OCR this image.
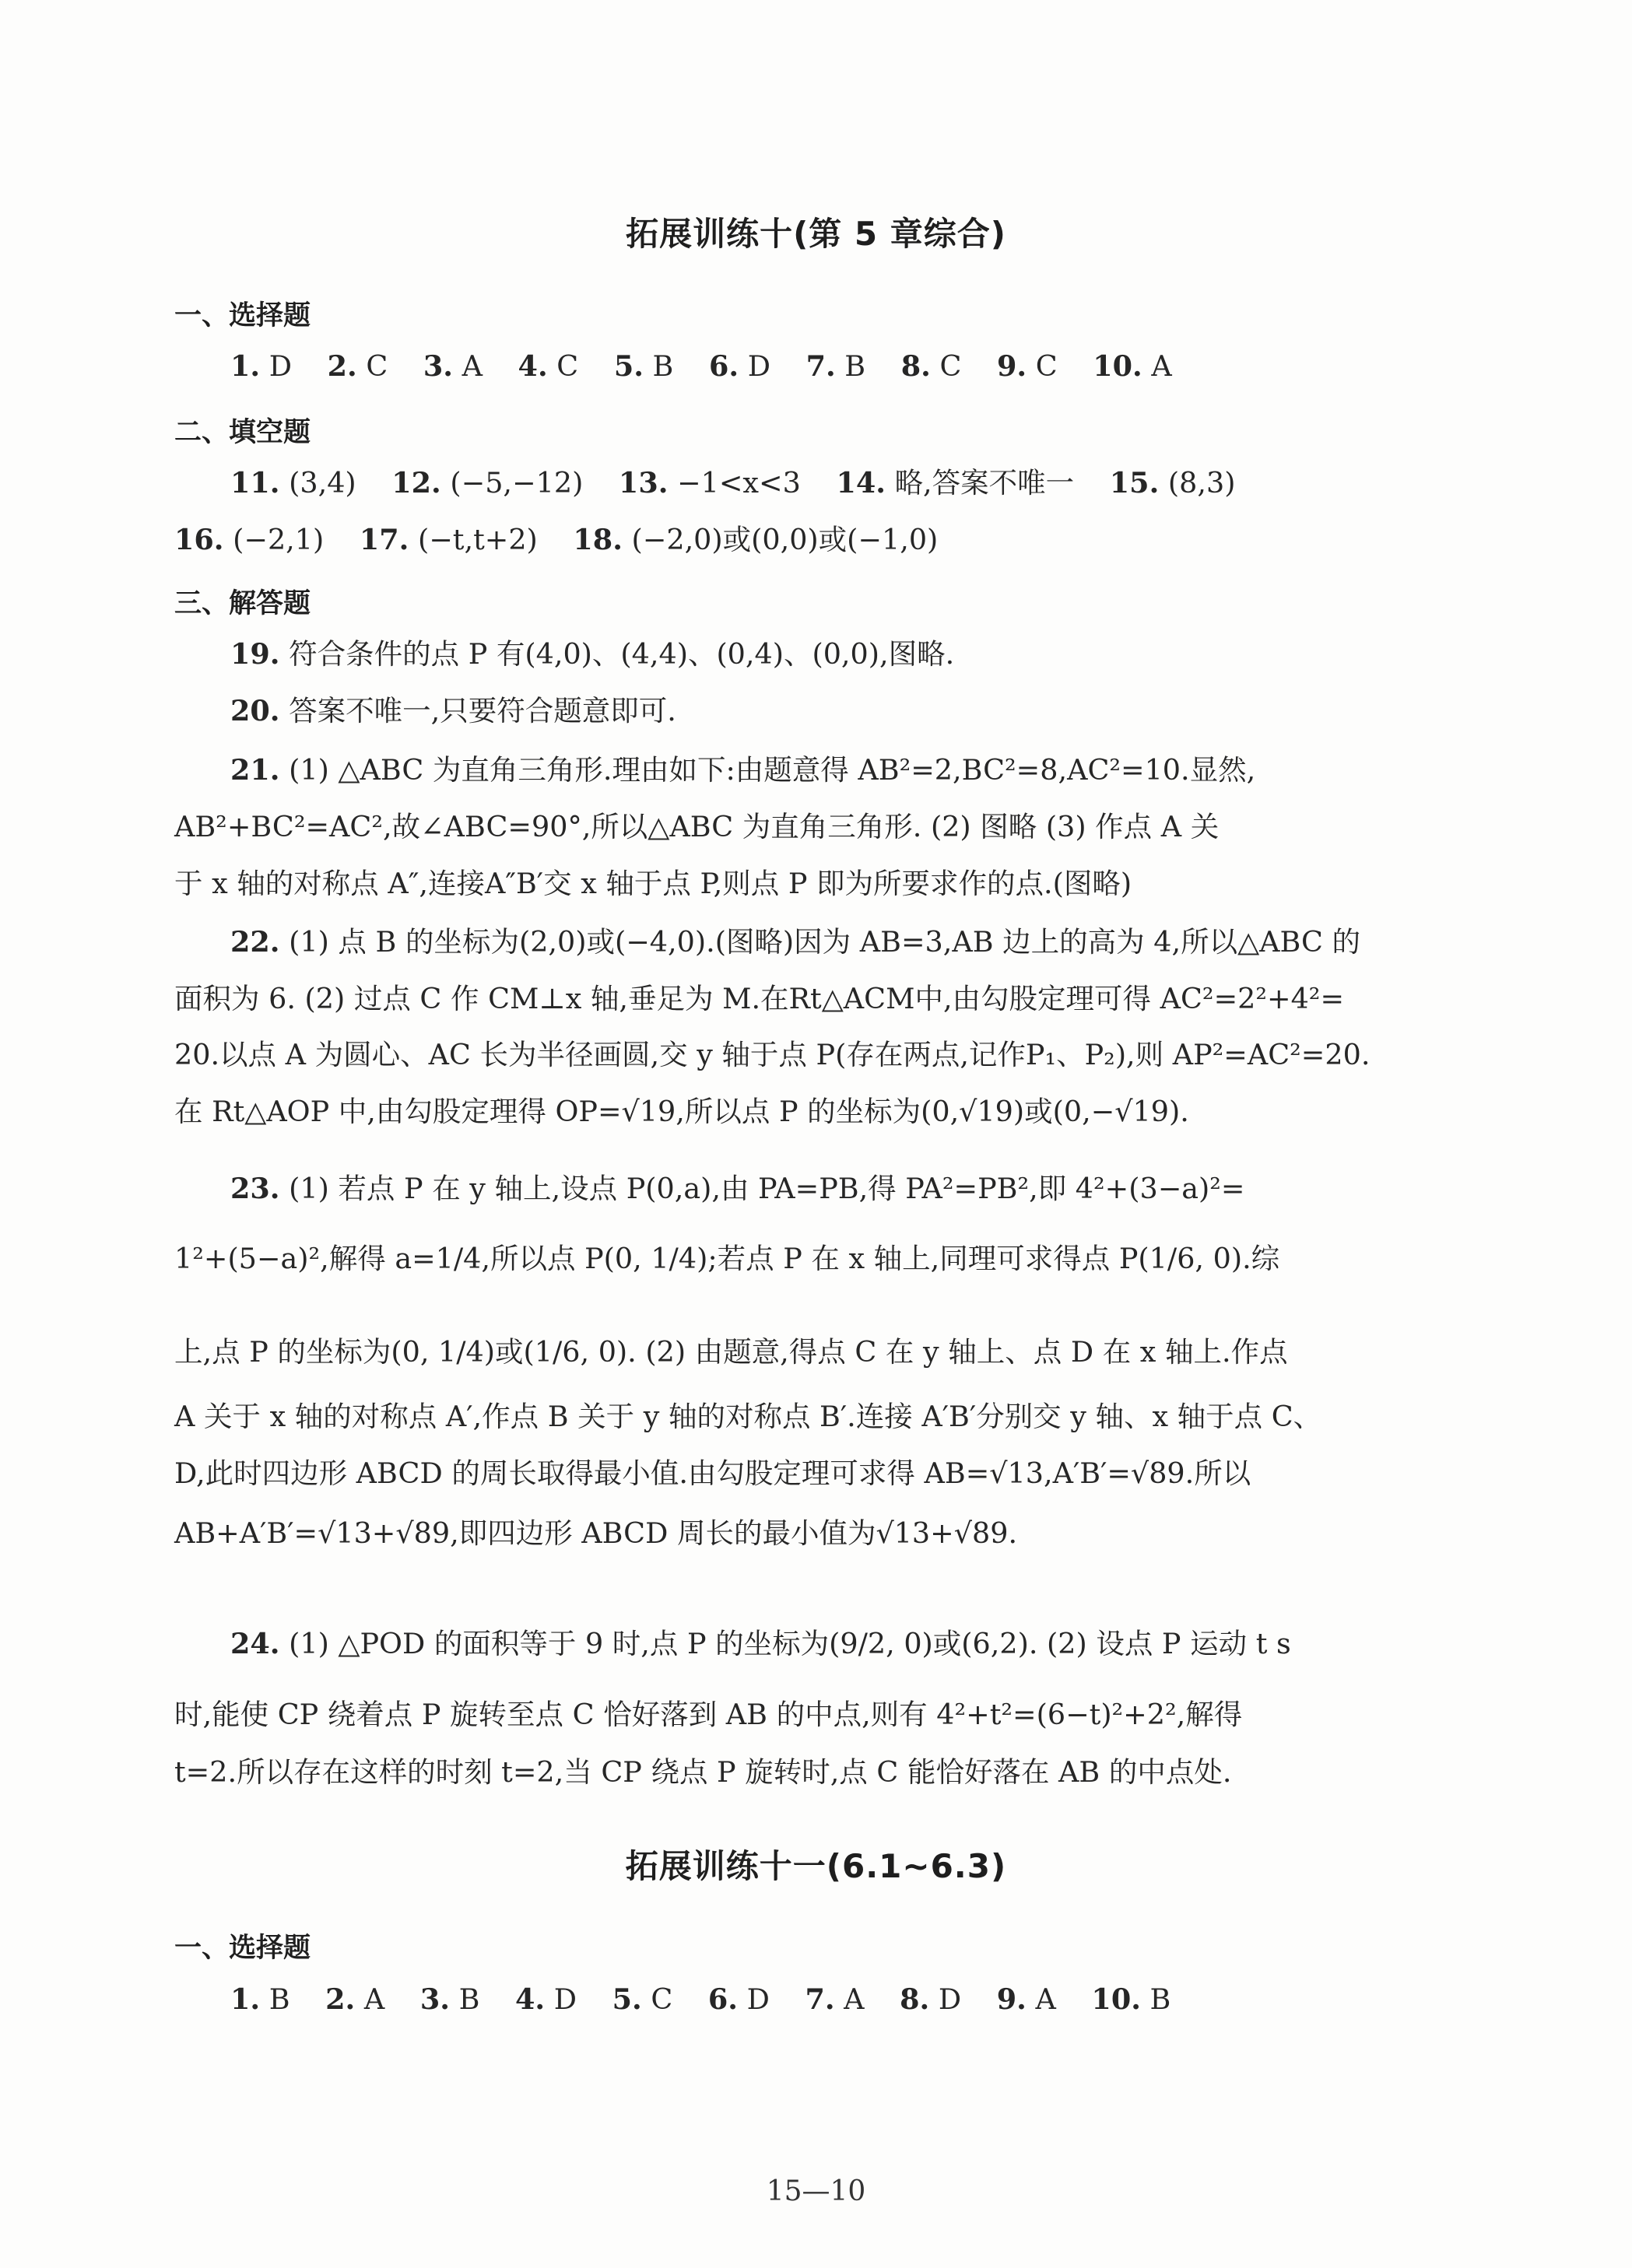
拓展训练十(第 5 章综合)
一、选择题
1. D 2. C 3. A 4. C 5. B 6. D 7. B 8. C 9. C 10. A
二、填空题
11. (3,4) 12. (−5,−12) 13. −1<x<3 14. 略,答案不唯一 15. (8,3)
16. (−2,1) 17. (−t,t+2) 18. (−2,0)或(0,0)或(−1,0)
三、解答题
19. 符合条件的点 P 有(4,0)、(4,4)、(0,4)、(0,0),图略.
20. 答案不唯一,只要符合题意即可.
21. (1) △ABC 为直角三角形.理由如下:由题意得 AB²=2,BC²=8,AC²=10.显然,
AB²+BC²=AC²,故∠ABC=90°,所以△ABC 为直角三角形. (2) 图略 (3) 作点 A 关
于 x 轴的对称点 A″,连接A″B′交 x 轴于点 P,则点 P 即为所要求作的点.(图略)
22. (1) 点 B 的坐标为(2,0)或(−4,0).(图略)因为 AB=3,AB 边上的高为 4,所以△ABC 的
面积为 6. (2) 过点 C 作 CM⊥x 轴,垂足为 M.在Rt△ACM中,由勾股定理可得 AC²=2²+4²=
20.以点 A 为圆心、AC 长为半径画圆,交 y 轴于点 P(存在两点,记作P₁、P₂),则 AP²=AC²=20.
在 Rt△AOP 中,由勾股定理得 OP=√19,所以点 P 的坐标为(0,√19)或(0,−√19).
23. (1) 若点 P 在 y 轴上,设点 P(0,a),由 PA=PB,得 PA²=PB²,即 4²+(3−a)²=
1²+(5−a)²,解得 a=1/4,所以点 P(0, 1/4);若点 P 在 x 轴上,同理可求得点 P(1/6, 0).综
上,点 P 的坐标为(0, 1/4)或(1/6, 0). (2) 由题意,得点 C 在 y 轴上、点 D 在 x 轴上.作点
A 关于 x 轴的对称点 A′,作点 B 关于 y 轴的对称点 B′.连接 A′B′分别交 y 轴、x 轴于点 C、
D,此时四边形 ABCD 的周长取得最小值.由勾股定理可求得 AB=√13,A′B′=√89.所以
AB+A′B′=√13+√89,即四边形 ABCD 周长的最小值为√13+√89.
24. (1) △POD 的面积等于 9 时,点 P 的坐标为(9/2, 0)或(6,2). (2) 设点 P 运动 t s
时,能使 CP 绕着点 P 旋转至点 C 恰好落到 AB 的中点,则有 4²+t²=(6−t)²+2²,解得
t=2.所以存在这样的时刻 t=2,当 CP 绕点 P 旋转时,点 C 能恰好落在 AB 的中点处.
拓展训练十一(6.1~6.3)
一、选择题
1. B 2. A 3. B 4. D 5. C 6. D 7. A 8. D 9. A 10. B
15—10
